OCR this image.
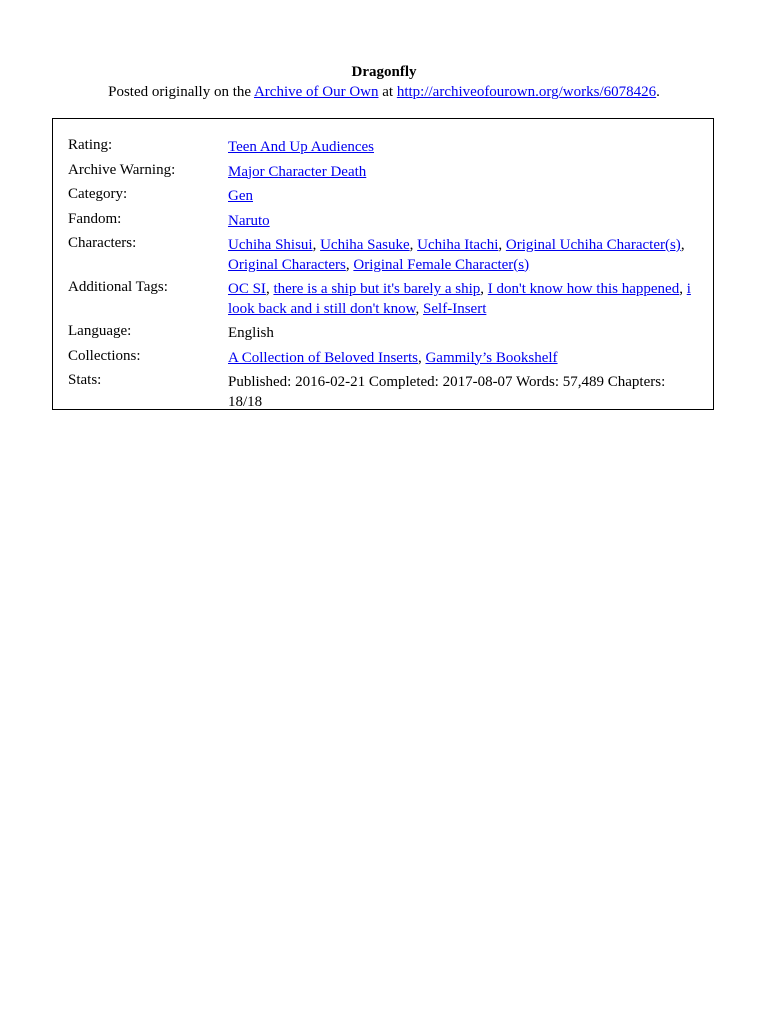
Dragonfly
Posted originally on the Archive of Our Own at http://archiveofourown.org/works/6078426.
Rating:	Teen And Up Audiences
Archive Warning:	Major Character Death
Category:	Gen
Fandom:	Naruto
Characters:	Uchiha Shisui, Uchiha Sasuke, Uchiha Itachi, Original Uchiha Character(s), Original Characters, Original Female Character(s)
Additional Tags:	OC SI, there is a ship but it's barely a ship, I don't know how this happened, i look back and i still don't know, Self-Insert
Language:	English
Collections:	A Collection of Beloved Inserts, Gammily’s Bookshelf
Stats:	Published: 2016-02-21 Completed: 2017-08-07 Words: 57,489 Chapters: 18/18
